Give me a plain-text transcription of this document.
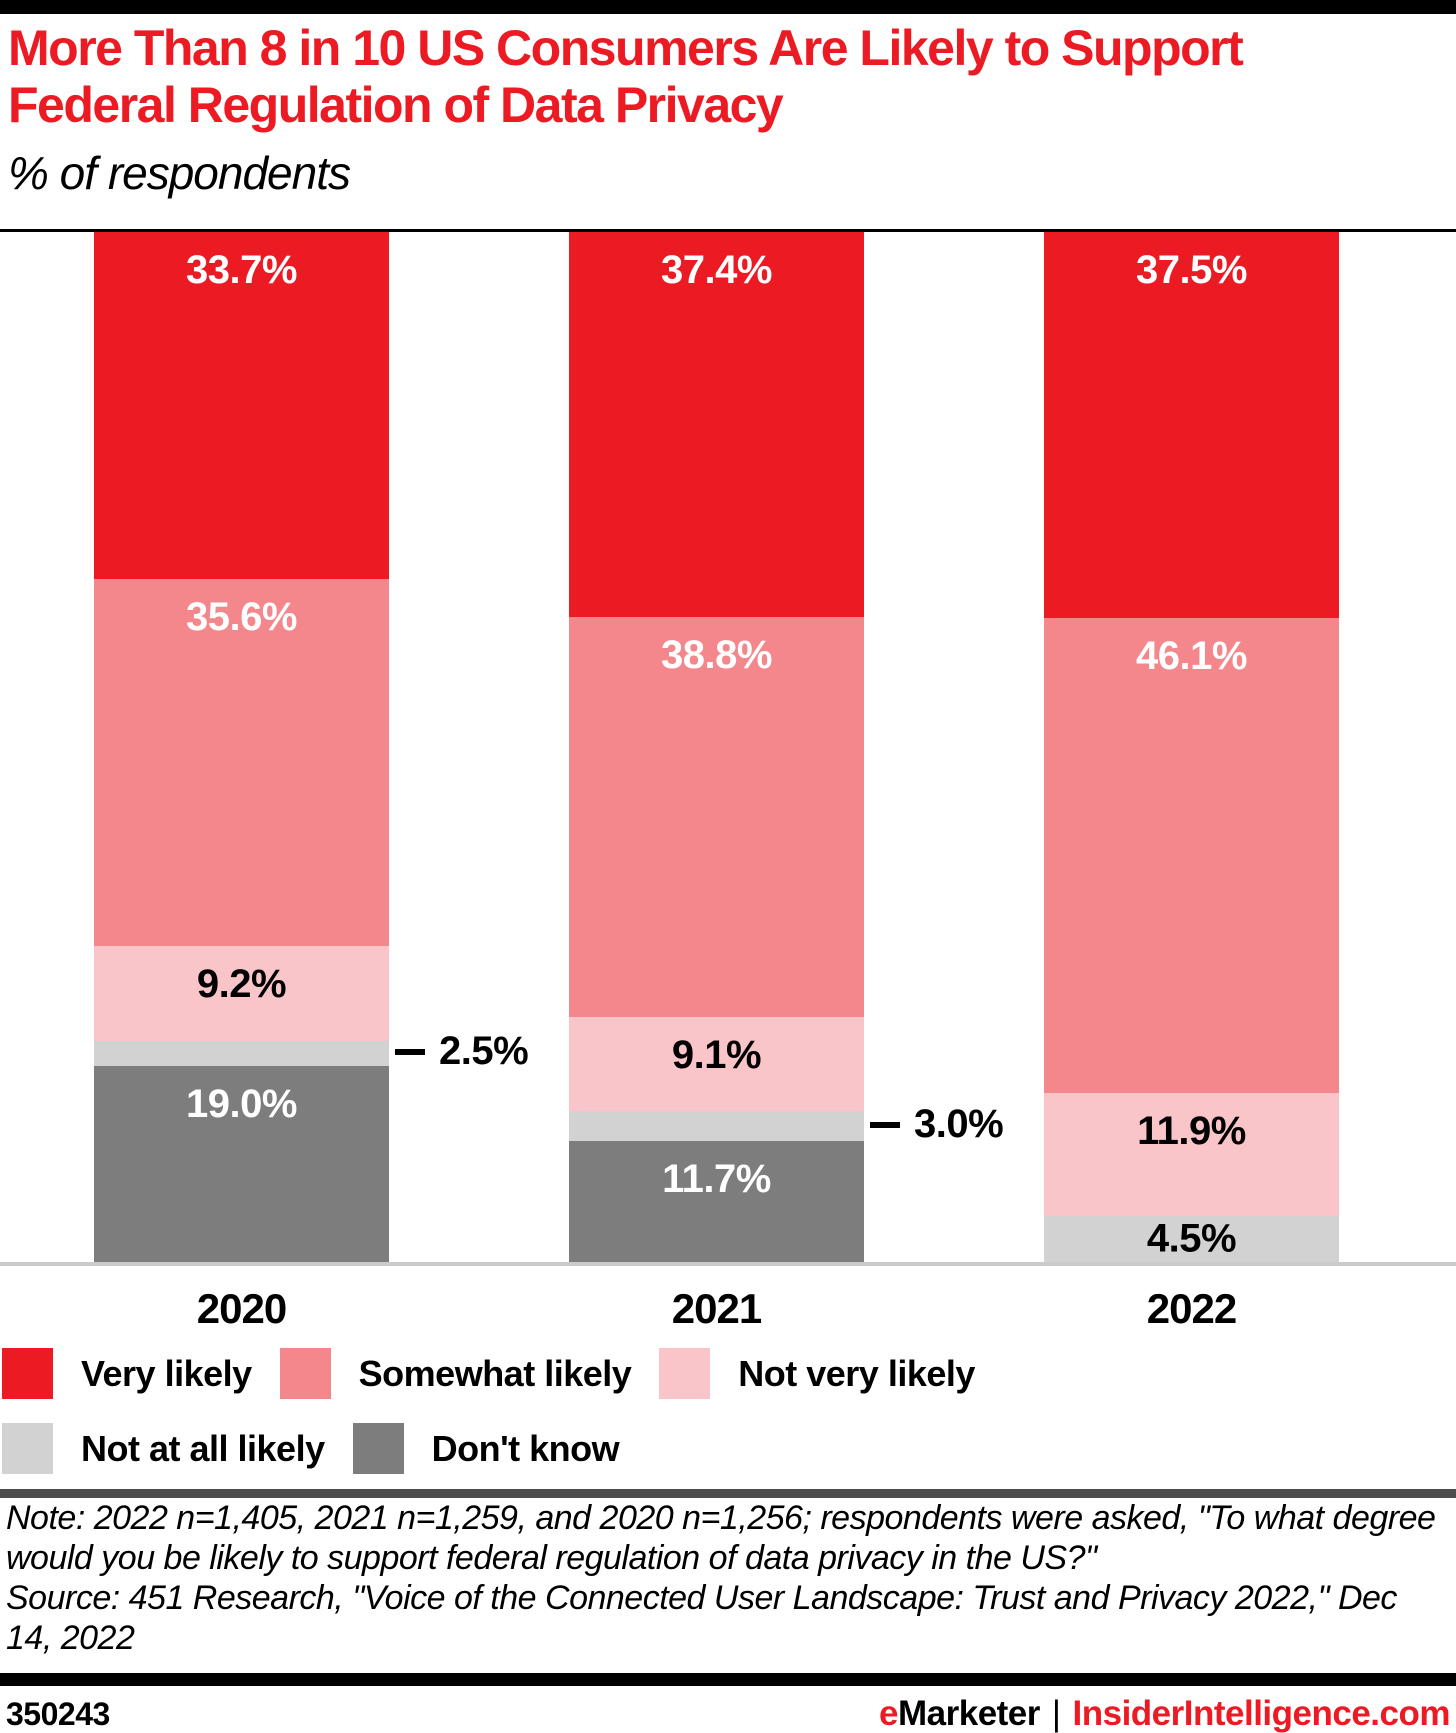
More Than 8 in 10 US Consumers Are Likely to Support
Federal Regulation of Data Privacy
% of respondents
2.5%
33.7%
35.6%
9.2%
19.0%	3.0%
37.4%
38.8%
9.1%
11.7%
37.5%
46.1%
11.9%
4.5%
2020	2021	2022
Very likely	Somewhat likely	Not very likely
Not at all likely	Don't know

Note: 2022 n=1,405, 2021 n=1,259, and 2020 n=1,256; respondents were asked, "To what degree would you be likely to support federal regulation of data privacy in the US?"

Source: 451 Research, "Voice of the Connected User Landscape: Trust and Privacy 2022," Dec 14, 2022

350243	eMarketer | InsiderIntelligence.com
